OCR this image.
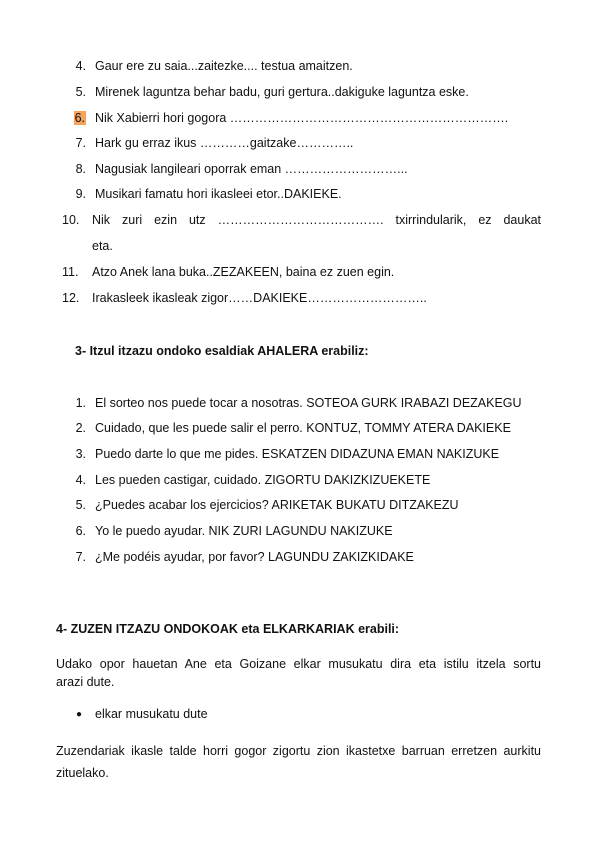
4. Gaur ere zu saia...zaitezke.... testua amaitzen.
5. Mirenek laguntza behar badu, guri gertura..dakiguke laguntza eske.
6. Nik Xabierri hori gogora ………………………………………………………….
7. Hark gu erraz ikus …………gaitzake…………..
8. Nagusiak langileari oporrak eman ………………………...
9. Musikari famatu hori ikasleei etor..DAKIEKE.
10.	Nik zuri ezin utz …………………………………. txirrindularik, ez daukat
eta.
11.	Atzo Anek lana buka..ZEZAKEEN, baina ez zuen egin.
12.	Irakasleek ikasleak zigor……DAKIEKE………………………..
3- Itzul itzazu ondoko esaldiak AHALERA erabiliz:
1. El sorteo nos puede tocar a nosotras. SOTEOA GURK IRABAZI DEZAKEGU
2. Cuidado, que les puede salir el perro. KONTUZ, TOMMY ATERA DAKIEKE
3. Puedo darte lo que me pides. ESKATZEN DIDAZUNA EMAN NAKIZUKE
4. Les pueden castigar, cuidado. ZIGORTU DAKIZKIZUEKETE
5. ¿Puedes acabar los ejercicios? ARIKETAK BUKATU DITZAKEZU
6. Yo le puedo ayudar. NIK ZURI LAGUNDU NAKIZUKE
7. ¿Me podéis ayudar, por favor? LAGUNDU ZAKIZKIDAKE
4- ZUZEN ITZAZU ONDOKOAK eta ELKARKARIAK erabili:
Udako opor hauetan Ane eta Goizane elkar musukatu dira eta istilu itzela sortu
arazi dute.
● elkar musukatu dute
Zuzendariak ikasle talde horri gogor zigortu zion ikastetxe barruan erretzen aurkitu
zituelako.
